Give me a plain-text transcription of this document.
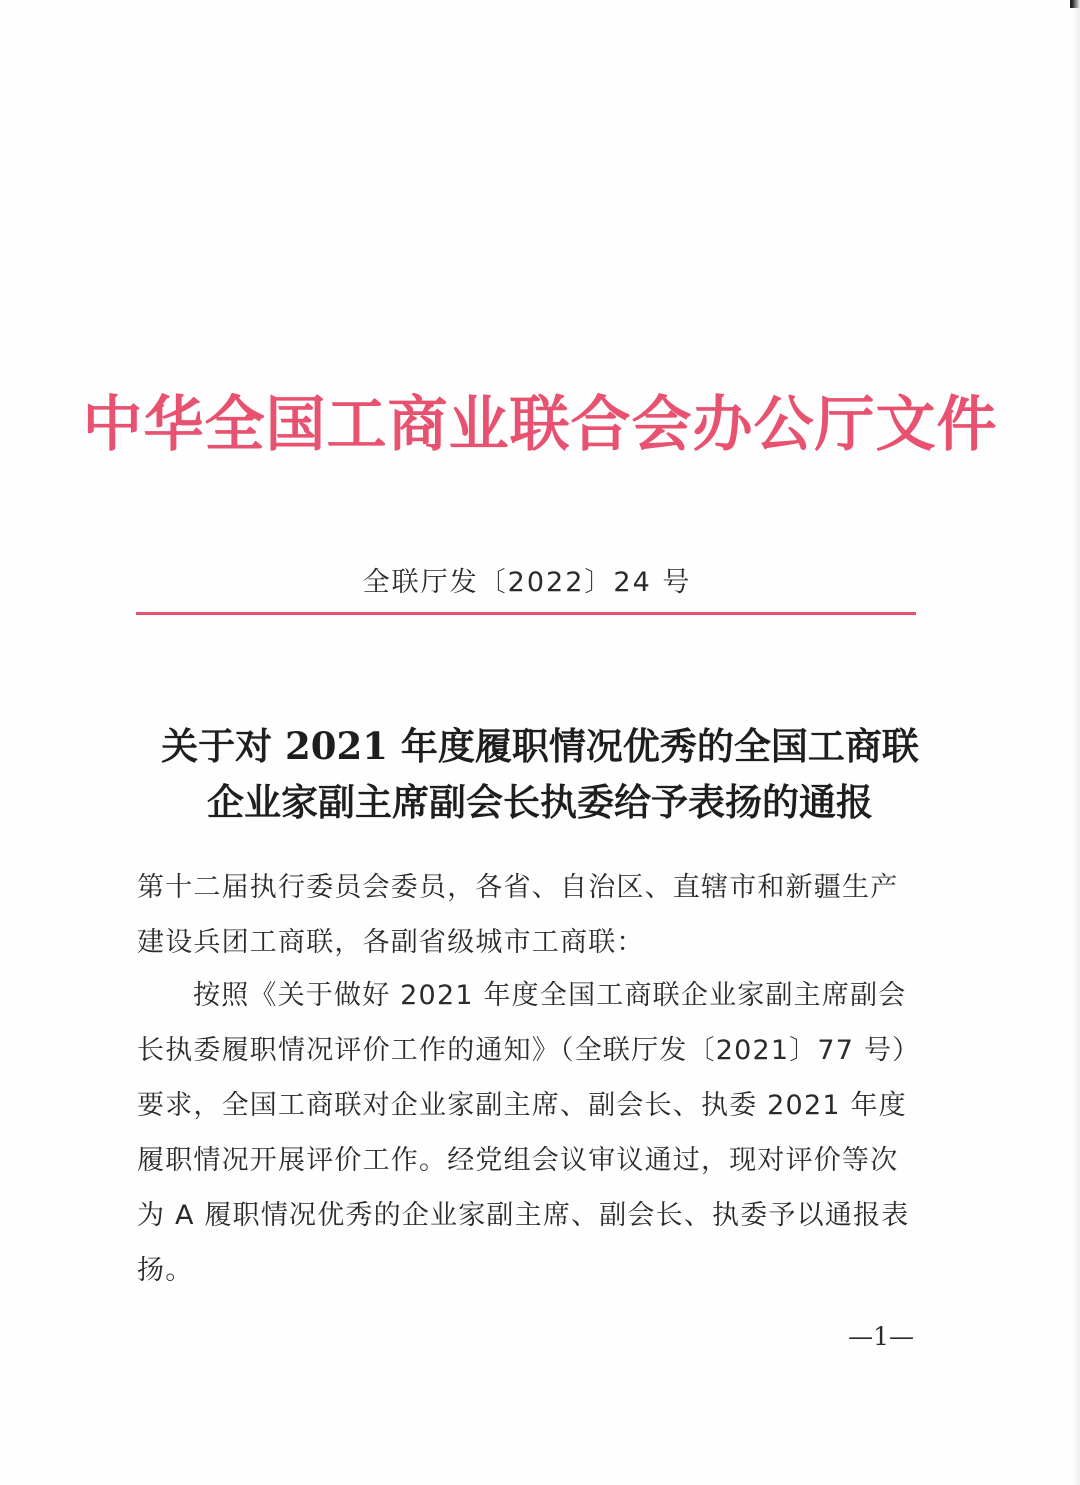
中华全国工商业联合会办公厅文件
全联厅发〔2022〕24 号
关于对 2021 年度履职情况优秀的全国工商联
企业家副主席副会长执委给予表扬的通报
第十二届执行委员会委员，各省、自治区、直辖市和新疆生产建设兵团工商联，各副省级城市工商联：
按照《关于做好 2021 年度全国工商联企业家副主席副会长执委履职情况评价工作的通知》（全联厅发〔2021〕77 号）要求，全国工商联对企业家副主席、副会长、执委 2021 年度履职情况开展评价工作。经党组会议审议通过，现对评价等次为 A 履职情况优秀的企业家副主席、副会长、执委予以通报表扬。
—1—
